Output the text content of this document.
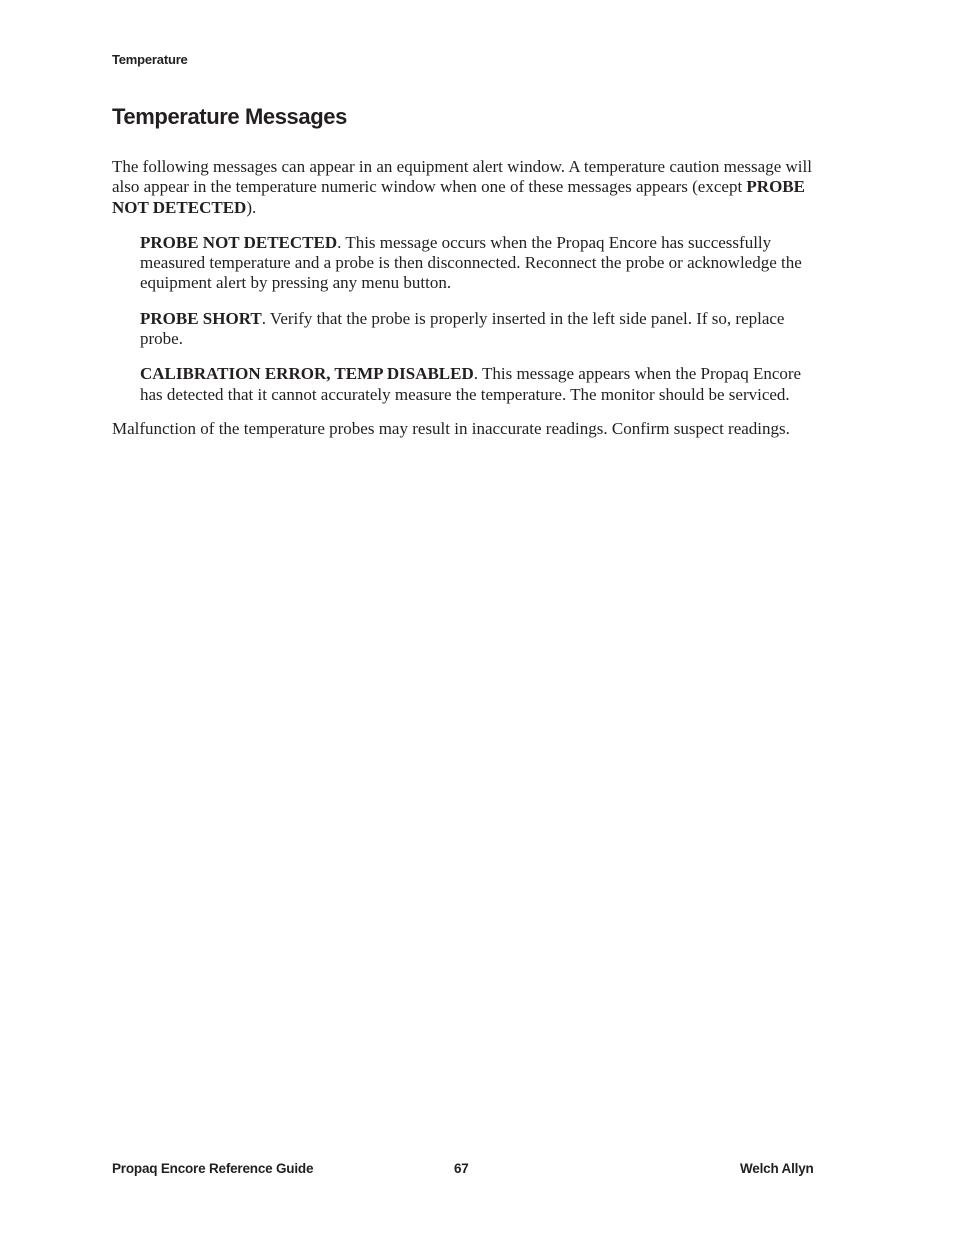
Temperature
Temperature Messages

The following messages can appear in an equipment alert window. A temperature caution message will also appear in the temperature numeric window when one of these messages appears (except PROBE NOT DETECTED).

PROBE NOT DETECTED. This message occurs when the Propaq Encore has successfully measured temperature and a probe is then disconnected. Reconnect the probe or acknowledge the equipment alert by pressing any menu button.

PROBE SHORT. Verify that the probe is properly inserted in the left side panel. If so, replace probe.

CALIBRATION ERROR, TEMP DISABLED. This message appears when the Propaq Encore has detected that it cannot accurately measure the temperature. The monitor should be serviced.

Malfunction of the temperature probes may result in inaccurate readings. Confirm suspect readings.

Propaq Encore Reference Guide	67	Welch Allyn
